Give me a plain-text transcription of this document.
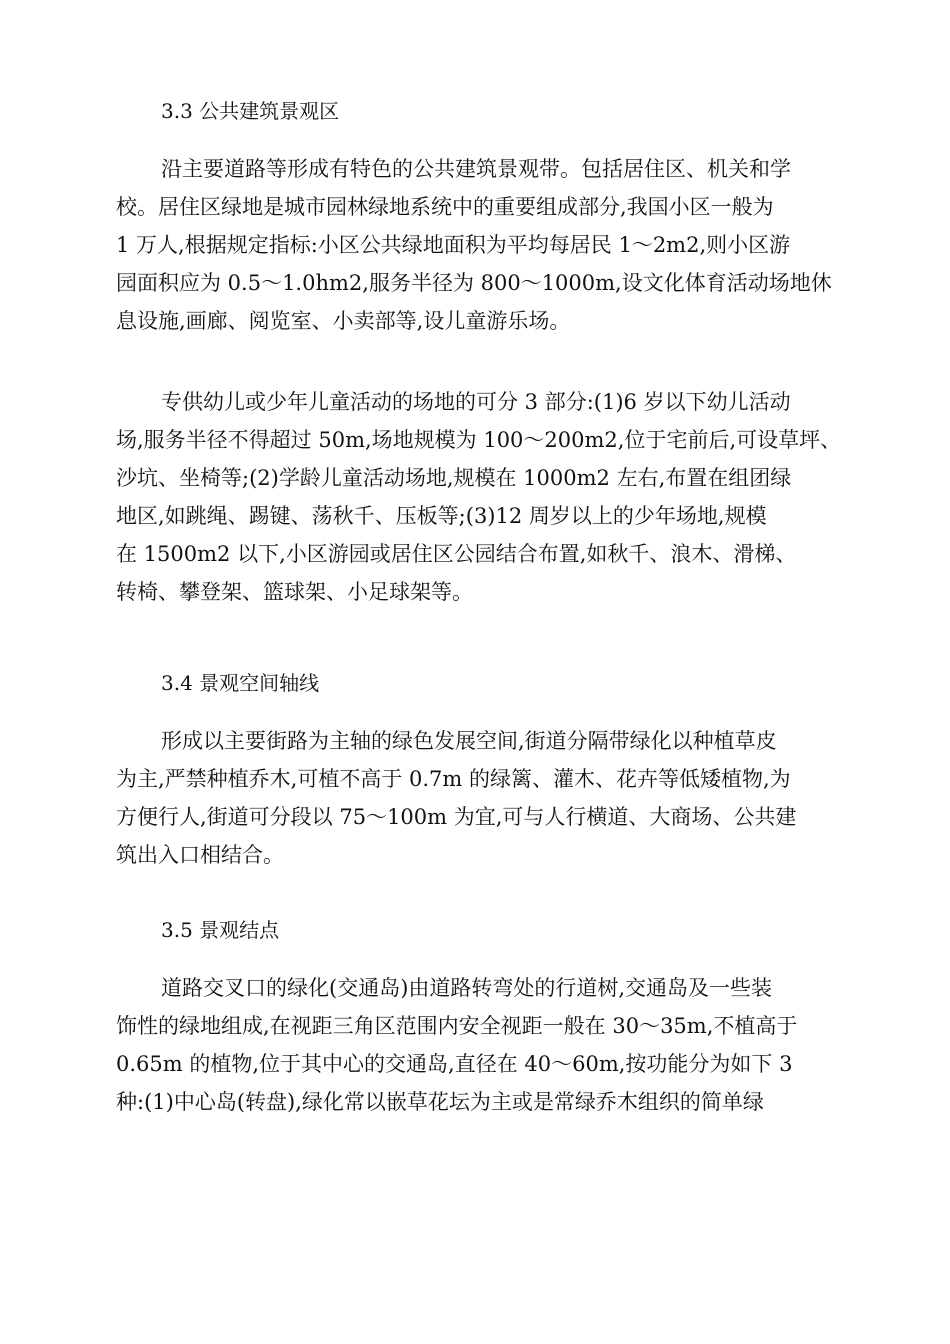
3.3 公共建筑景观区
沿主要道路等形成有特色的公共建筑景观带。包括居住区、机关和学
校。居住区绿地是城市园林绿地系统中的重要组成部分,我国小区一般为
1 万人,根据规定指标:小区公共绿地面积为平均每居民 1～2m2,则小区游
园面积应为 0.5～1.0hm2,服务半径为 800～1000m,设文化体育活动场地休
息设施,画廊、阅览室、小卖部等,设儿童游乐场。
专供幼儿或少年儿童活动的场地的可分 3 部分:(1)6 岁以下幼儿活动
场,服务半径不得超过 50m,场地规模为 100～200m2,位于宅前后,可设草坪、
沙坑、坐椅等;(2)学龄儿童活动场地,规模在 1000m2 左右,布置在组团绿
地区,如跳绳、踢键、荡秋千、压板等;(3)12 周岁以上的少年场地,规模
在 1500m2 以下,小区游园或居住区公园结合布置,如秋千、浪木、滑梯、
转椅、攀登架、篮球架、小足球架等。
3.4 景观空间轴线
形成以主要街路为主轴的绿色发展空间,街道分隔带绿化以种植草皮
为主,严禁种植乔木,可植不高于 0.7m 的绿篱、灌木、花卉等低矮植物,为
方便行人,街道可分段以 75～100m 为宜,可与人行横道、大商场、公共建
筑出入口相结合。
3.5 景观结点
道路交叉口的绿化(交通岛)由道路转弯处的行道树,交通岛及一些装
饰性的绿地组成,在视距三角区范围内安全视距一般在 30～35m,不植高于
0.65m 的植物,位于其中心的交通岛,直径在 40～60m,按功能分为如下 3
种:(1)中心岛(转盘),绿化常以嵌草花坛为主或是常绿乔木组织的简单绿
